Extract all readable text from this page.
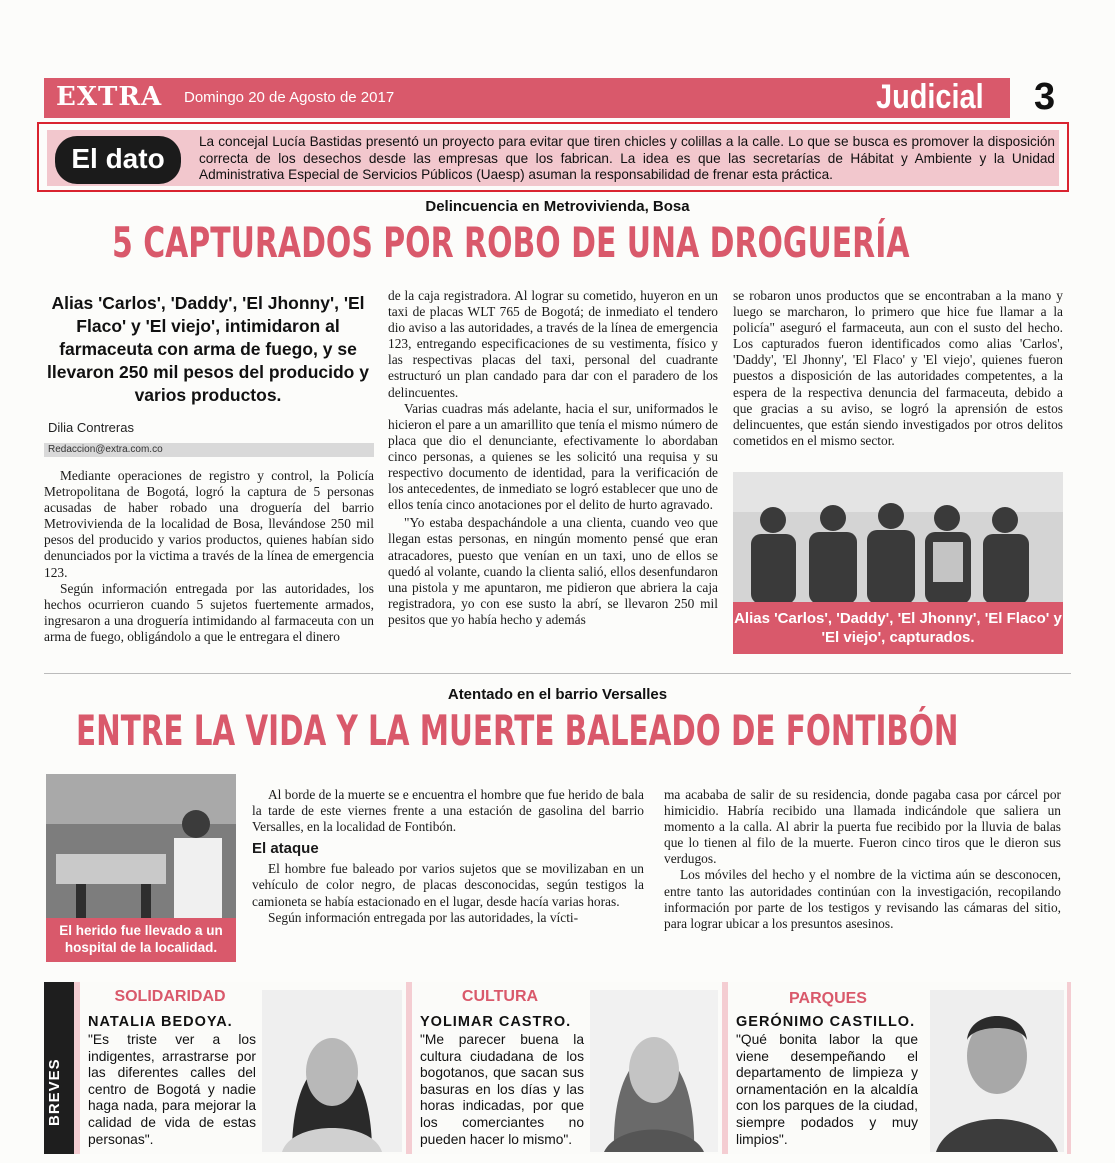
EXTRA Domingo 20 de Agosto de 2017	Judicial 3
El dato
La concejal Lucía Bastidas presentó un proyecto para evitar que tiren chicles y colillas a la calle. Lo que se busca es promover la disposición correcta de los desechos desde las empresas que los fabrican. La idea es que las secretarías de Hábitat y Ambiente y la Unidad Administrativa Especial de Servicios Públicos (Uaesp) asuman la responsabilidad de frenar esta práctica.
Delincuencia en Metrovivienda, Bosa
5 CAPTURADOS POR ROBO DE UNA DROGUERÍA
Alias 'Carlos', 'Daddy', 'El Jhonny', 'El Flaco' y 'El viejo', intimidaron al farmaceuta con arma de fuego, y se llevaron 250 mil pesos del producido y varios productos.
Dilia Contreras
Redaccion@extra.com.co

Mediante operaciones de registro y control, la Policía Metropolitana de Bogotá, logró la captura de 5 personas acusadas de haber robado una droguería del barrio Metrovivienda de la localidad de Bosa, llevándose 250 mil pesos del producido y varios productos, quienes habían sido denunciados por la victima a través de la línea de emergencia 123.

Según información entregada por las autoridades, los hechos ocurrieron cuando 5 sujetos fuertemente armados, ingresaron a una droguería intimidando al farmaceuta con un arma de fuego, obligándolo a que le entregara el dinero

de la caja registradora. Al lograr su cometido, huyeron en un taxi de placas WLT 765 de Bogotá; de inmediato el tendero dio aviso a las autoridades, a través de la línea de emergencia 123, entregando especificaciones de su vestimenta, físico y las respectivas placas del taxi, personal del cuadrante estructuró un plan candado para dar con el paradero de los delincuentes.

Varias cuadras más adelante, hacia el sur, uniformados le hicieron el pare a un amarillito que tenía el mismo número de placa que dio el denunciante, efectivamente lo abordaban cinco personas, a quienes se les solicitó una requisa y su respectivo documento de identidad, para la verificación de los antecedentes, de inmediato se logró establecer que uno de ellos tenía cinco anotaciones por el delito de hurto agravado.

"Yo estaba despachándole a una clienta, cuando veo que llegan estas personas, en ningún momento pensé que eran atracadores, puesto que venían en un taxi, uno de ellos se quedó al volante, cuando la clienta salió, ellos desenfundaron una pistola y me apuntaron, me pidieron que abriera la caja registradora, yo con ese susto la abrí, se llevaron 250 mil pesitos que yo había hecho y además

se robaron unos productos que se encontraban a la mano y luego se marcharon, lo primero que hice fue llamar a la policía" aseguró el farmaceuta, aun con el susto del hecho. Los capturados fueron identificados como alias 'Carlos', 'Daddy', 'El Jhonny', 'El Flaco' y 'El viejo', quienes fueron puestos a disposición de las autoridades competentes, a la espera de la respectiva denuncia del farmaceuta, debido a que gracias a su aviso, se logró la aprensión de estos delincuentes, que están siendo investigados por otros delitos cometidos en el mismo sector.

Alias 'Carlos', 'Daddy', 'El Jhonny', 'El Flaco' y 'El viejo', capturados.
Atentado en el barrio Versalles
ENTRE LA VIDA Y LA MUERTE BALEADO DE FONTIBÓN
El herido fue llevado a un hospital de la localidad.

Al borde de la muerte se e encuentra el hombre que fue herido de bala la tarde de este viernes frente a una estación de gasolina del barrio Versalles, en la localidad de Fontibón.

El ataque

El hombre fue baleado por varios sujetos que se movilizaban en un vehículo de color negro, de placas desconocidas, según testigos la camioneta se había estacionado en el lugar, desde hacía varias horas.

Según información entregada por las autoridades, la vícti-

ma acababa de salir de su residencia, donde pagaba casa por cárcel por himicidio. Habría recibido una llamada indicándole que saliera un momento a la calla. Al abrir la puerta fue recibido por la lluvia de balas que lo tienen al filo de la muerte. Fueron cinco tiros que le dieron sus verdugos.

Los móviles del hecho y el nombre de la victima aún se desconocen, entre tanto las autoridades continúan con la investigación, recopilando información por parte de los testigos y revisando las cámaras del sitio, para lograr ubicar a los presuntos asesinos.

BREVES
SOLIDARIDAD
NATALIA BEDOYA.
"Es triste ver a los indigentes, arrastrarse por las diferentes calles del centro de Bogotá y nadie haga nada, para mejorar la calidad de vida de estas personas".
CULTURA
YOLIMAR CASTRO.
"Me parecer buena la cultura ciudadana de los bogotanos, que sacan sus basuras en los días y las horas indicadas, por que los comerciantes no pueden hacer lo mismo".
PARQUES
GERÓNIMO CASTILLO.
"Qué bonita labor la que viene desempeñando el departamento de limpieza y ornamentación en la alcaldía con los parques de la ciudad, siempre podados y muy limpios".
